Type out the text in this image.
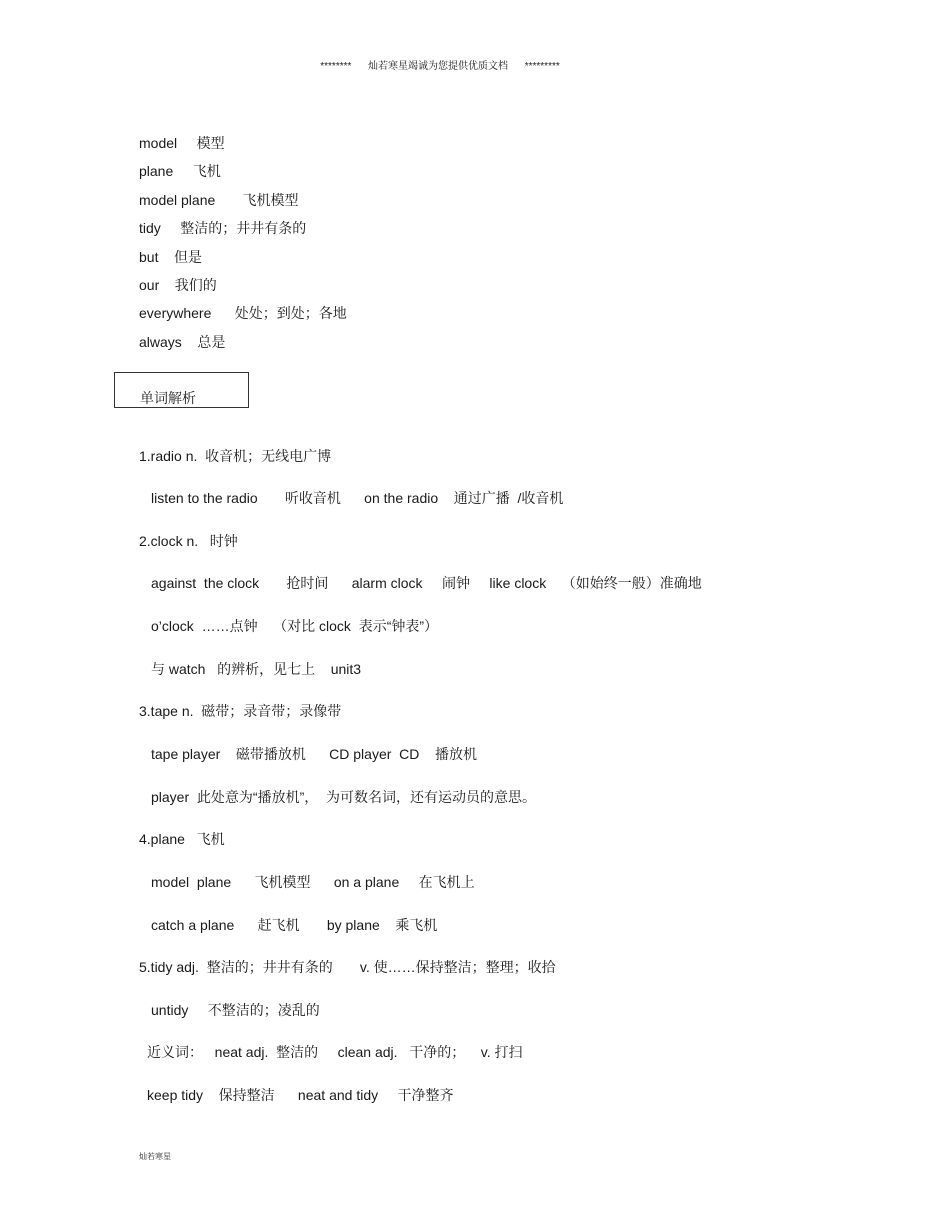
********      灿若寒星竭诚为您提供优质文档      *********
model     模型
plane     飞机
model plane       飞机模型
tidy     整洁的；井井有条的
but    但是
our    我们的
everywhere      处处；到处；各地
always    总是
单词解析
1.radio n.  收音机；无线电广博
listen to the radio       听收音机      on the radio    通过广播  /收音机
2.clock n.   时钟
against  the clock       抢时间      alarm clock     闹钟     like clock    （如始终一般）准确地
o’clock  ……点钟    （对比 clock  表示“钟表”）
与 watch   的辨析，见七上    unit3
3.tape n.  磁带；录音带；录像带
tape player    磁带播放机      CD player  CD    播放机
player  此处意为“播放机”，  为可数名词，还有运动员的意思。
4.plane   飞机
model  plane      飞机模型      on a plane     在飞机上
catch a plane      赶飞机       by plane    乘飞机
5.tidy adj.  整洁的；井井有条的       v. 使……保持整洁；整理；收拾
untidy     不整洁的；凌乱的
近义词：   neat adj.  整洁的     clean adj.   干净的；    v. 打扫
keep tidy    保持整洁      neat and tidy     干净整齐
灿若寒星
